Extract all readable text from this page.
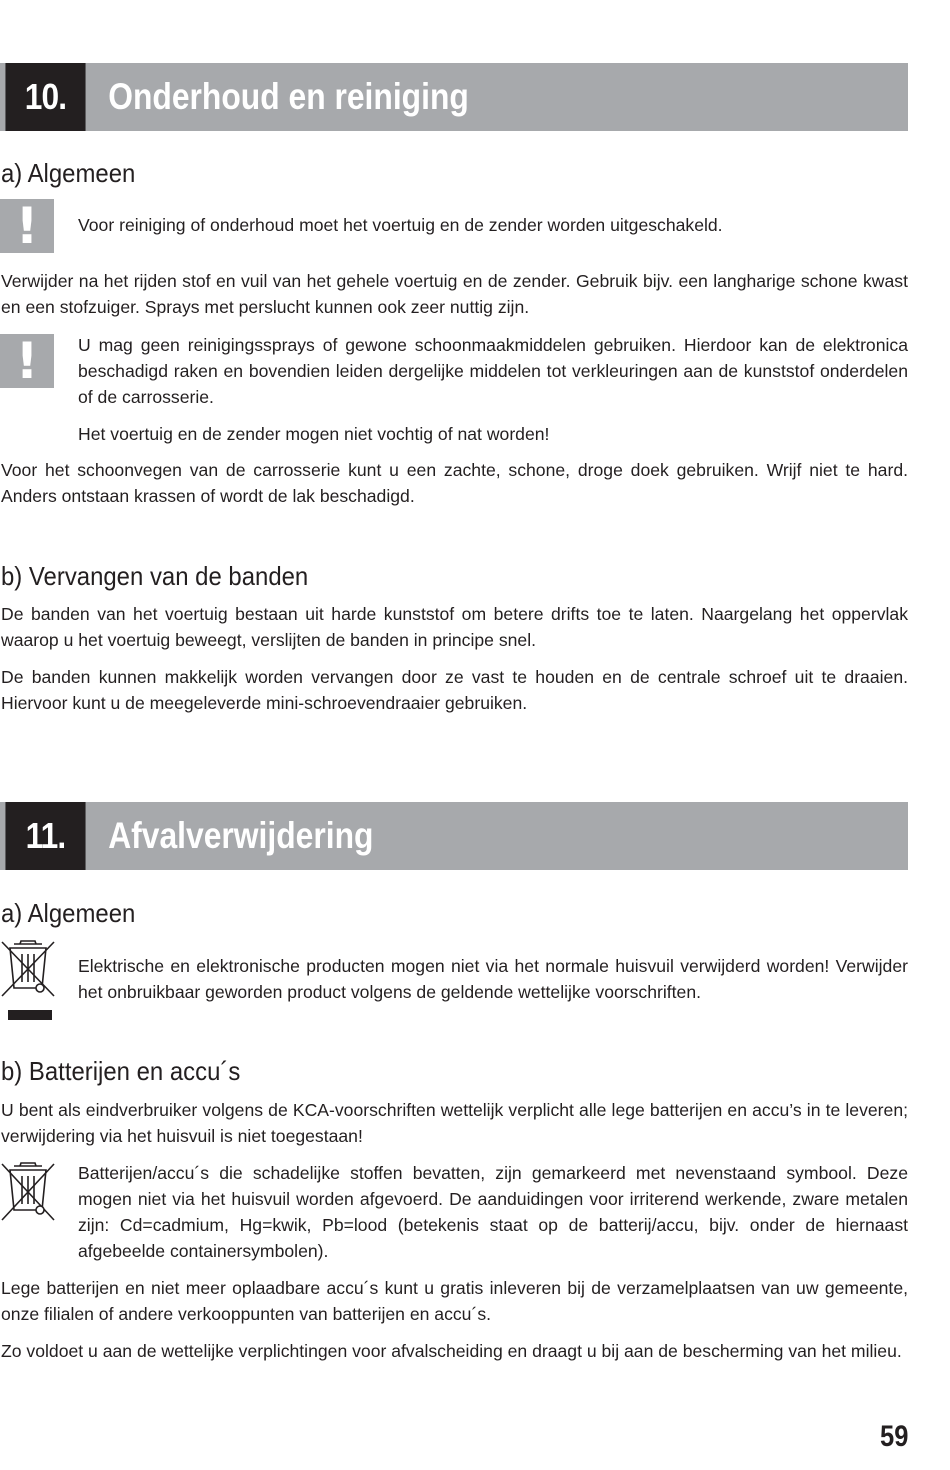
10.	Onderhoud en reiniging
a) Algemeen
! Voor reiniging of onderhoud moet het voertuig en de zender worden uitgeschakeld.

Verwijder na het rijden stof en vuil van het gehele voertuig en de zender. Gebruik bijv. een langharige schone kwast en een stofzuiger. Sprays met perslucht kunnen ook zeer nuttig zijn.

! U mag geen reinigingssprays of gewone schoonmaakmiddelen gebruiken. Hierdoor kan de elektronica beschadigd raken en bovendien leiden dergelijke middelen tot verkleuringen aan de kunststof onderdelen of de carrosserie.

Het voertuig en de zender mogen niet vochtig of nat worden!

Voor het schoonvegen van de carrosserie kunt u een zachte, schone, droge doek gebruiken. Wrijf niet te hard. Anders ontstaan krassen of wordt de lak beschadigd.

b) Vervangen van de banden

De banden van het voertuig bestaan uit harde kunststof om betere drifts toe te laten. Naargelang het oppervlak waarop u het voertuig beweegt, verslijten de banden in principe snel.

De banden kunnen makkelijk worden vervangen door ze vast te houden en de centrale schroef uit te draaien. Hiervoor kunt u de meegeleverde mini-schroevendraaier gebruiken.

11.	Afvalverwijdering
a) Algemeen

Elektrische en elektronische producten mogen niet via het normale huisvuil verwijderd worden! Verwijder het onbruikbaar geworden product volgens de geldende wettelijke voorschriften.

b) Batterijen en accu´s

U bent als eindverbruiker volgens de KCA-voorschriften wettelijk verplicht alle lege batterijen en accu’s in te leveren; verwijdering via het huisvuil is niet toegestaan!

Batterijen/accu´s die schadelijke stoffen bevatten, zijn gemarkeerd met nevenstaand symbool. Deze mogen niet via het huisvuil worden afgevoerd. De aanduidingen voor irriterend werkende, zware metalen zijn: Cd=cadmium, Hg=kwik, Pb=lood (betekenis staat op de batterij/accu, bijv. onder de hiernaast afgebeelde containersymbolen).

Lege batterijen en niet meer oplaadbare accu´s kunt u gratis inleveren bij de verzamelplaatsen van uw gemeente, onze filialen of andere verkooppunten van batterijen en accu´s.

Zo voldoet u aan de wettelijke verplichtingen voor afvalscheiding en draagt u bij aan de bescherming van het milieu.

59
